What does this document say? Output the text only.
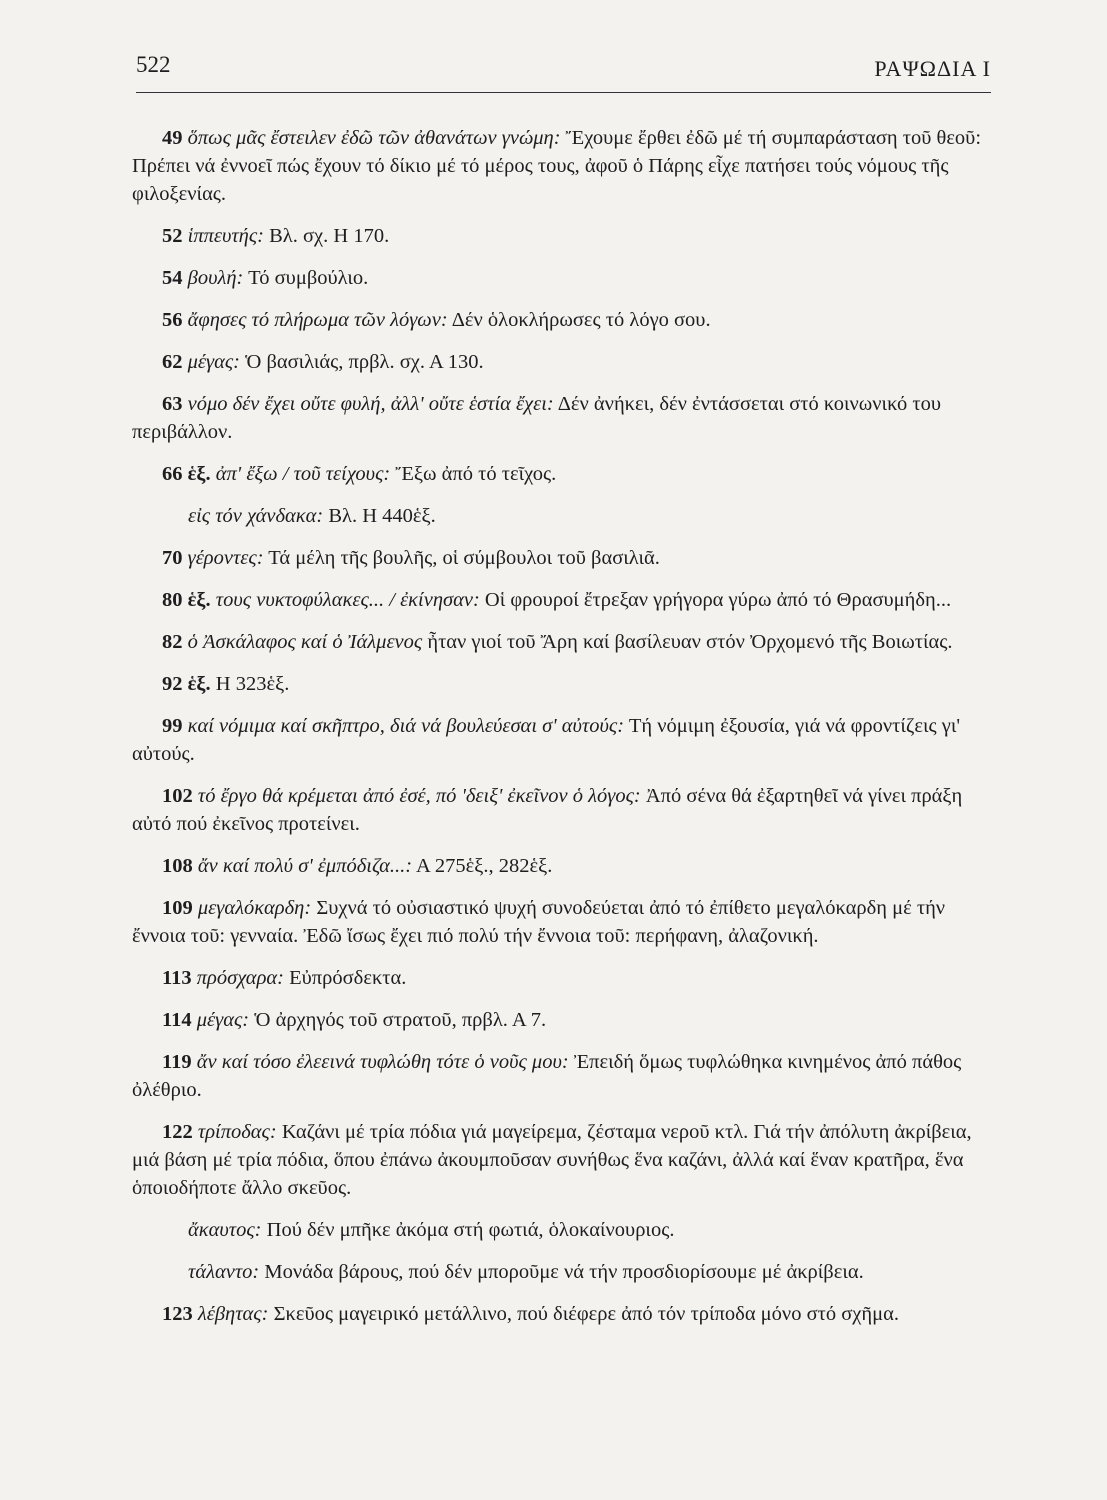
522	ΡΑΨΩΔΙΑ Ι

49 ὅπως μᾶς ἔστειλεν ἐδῶ τῶν ἀθανάτων γνώμη: Ἔχουμε ἔρθει ἐδῶ μέ τή συμπαράσταση τοῦ θεοῦ: Πρέπει νά ἐννοεῖ πώς ἔχουν τό δίκιο μέ τό μέρος τους, ἀφοῦ ὁ Πάρης εἶχε πατήσει τούς νόμους τῆς φιλοξενίας.

52 ἱππευτής: Βλ. σχ. Η 170.

54 βουλή: Τό συμβούλιο.

56 ἄφησες τό πλήρωμα τῶν λόγων: Δέν ὁλοκλήρωσες τό λόγο σου.

62 μέγας: Ὁ βασιλιάς, πρβλ. σχ. Α 130.

63 νόμο δέν ἔχει οὔτε φυλή, ἀλλ' οὔτε ἑστία ἔχει: Δέν ἀνήκει, δέν ἐντάσσεται στό κοινωνικό του περιβάλλον.

66 ἑξ. ἀπ' ἔξω / τοῦ τείχους: Ἔξω ἀπό τό τεῖχος.

εἰς τόν χάνδακα: Βλ. Η 440ἑξ.

70 γέροντες: Τά μέλη τῆς βουλῆς, οἱ σύμβουλοι τοῦ βασιλιᾶ.

80 ἑξ. τους νυκτοφύλακες... / ἐκίνησαν: Οἱ φρουροί ἔτρεξαν γρήγορα γύρω ἀπό τό Θρασυμήδη...

82 ὁ Ἀσκάλαφος καί ὁ Ἰάλμενος ἦταν γιοί τοῦ Ἄρη καί βασίλευαν στόν Ὀρχομενό τῆς Βοιωτίας.

92 ἑξ. Η 323ἑξ.

99 καί νόμιμα καί σκῆπτρο, διά νά βουλεύεσαι σ' αὐτούς: Τή νόμιμη ἐξουσία, γιά νά φροντίζεις γι' αὐτούς.

102 τό ἔργο θά κρέμεται ἀπό ἐσέ, πό 'δειξ' ἐκεῖνον ὁ λόγος: Ἀπό σένα θά ἐξαρτηθεῖ νά γίνει πράξη αὐτό πού ἐκεῖνος προτείνει.

108 ἄν καί πολύ σ' ἐμπόδιζα...: Α 275ἑξ., 282ἑξ.

109 μεγαλόκαρδη: Συχνά τό οὐσιαστικό ψυχή συνοδεύεται ἀπό τό ἐπίθετο μεγαλόκαρδη μέ τήν ἔννοια τοῦ: γενναία. Ἐδῶ ἴσως ἔχει πιό πολύ τήν ἔννοια τοῦ: περήφανη, ἀλαζονική.

113 πρόσχαρα: Εὐπρόσδεκτα.

114 μέγας: Ὁ ἀρχηγός τοῦ στρατοῦ, πρβλ. Α 7.

119 ἄν καί τόσο ἐλεεινά τυφλώθη τότε ὁ νοῦς μου: Ἐπειδή ὅμως τυφλώθηκα κινημένος ἀπό πάθος ὀλέθριο.

122 τρίποδας: Καζάνι μέ τρία πόδια γιά μαγείρεμα, ζέσταμα νεροῦ κτλ. Γιά τήν ἀπόλυτη ἀκρίβεια, μιά βάση μέ τρία πόδια, ὅπου ἐπάνω ἀκουμποῦσαν συνήθως ἕνα καζάνι, ἀλλά καί ἕναν κρατῆρα, ἕνα ὁποιοδήποτε ἄλλο σκεῦος.

ἄκαυτος: Πού δέν μπῆκε ἀκόμα στή φωτιά, ὁλοκαίνουριος.

τάλαντο: Μονάδα βάρους, πού δέν μποροῦμε νά τήν προσδιορίσουμε μέ ἀκρίβεια.

123 λέβητας: Σκεῦος μαγειρικό μετάλλινο, πού διέφερε ἀπό τόν τρίποδα μόνο στό σχῆμα.
